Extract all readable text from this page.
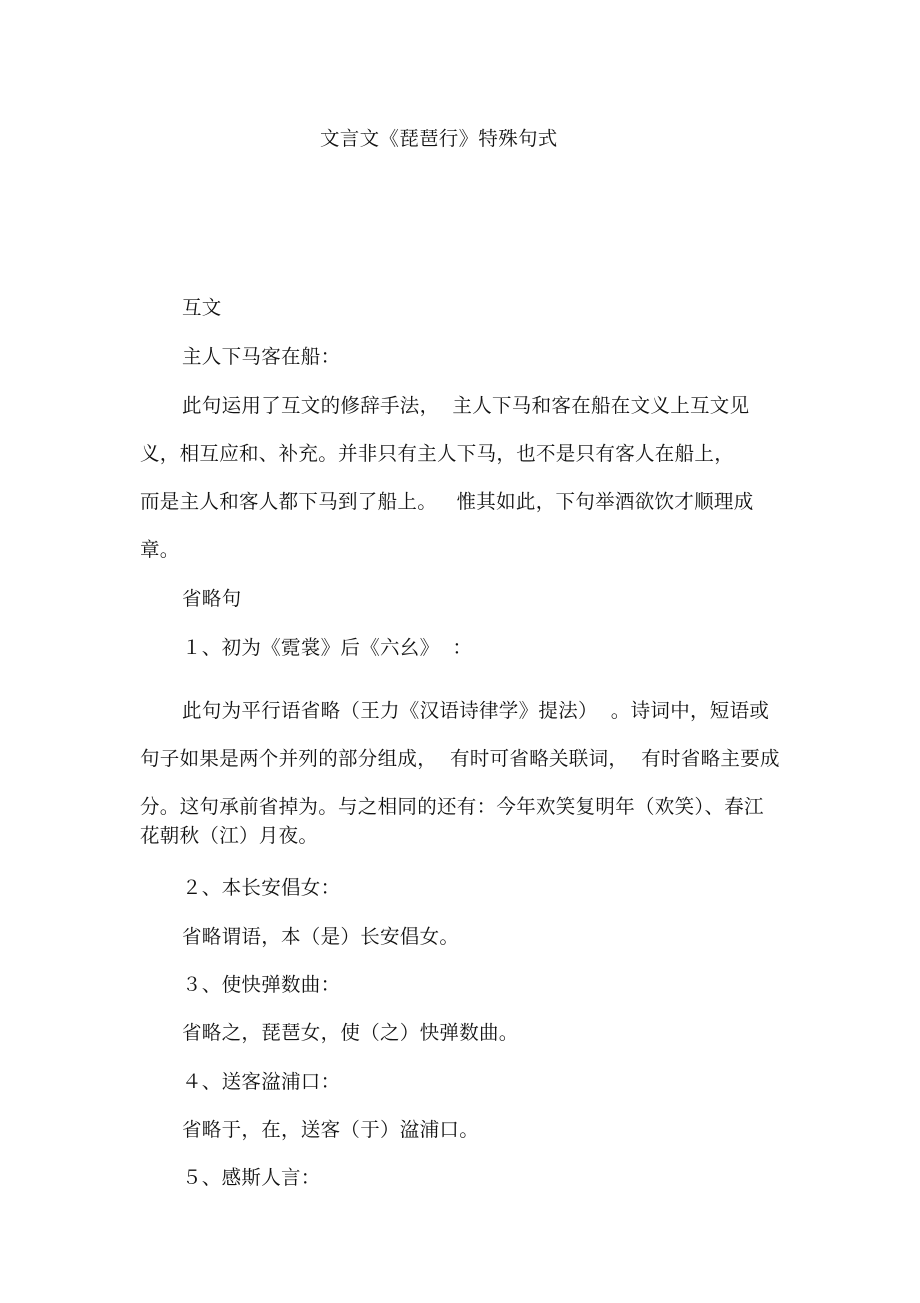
文言文《琵琶行》特殊句式
互文
主人下马客在船：
此句运用了互文的修辞手法，  主人下马和客在船在文义上互文见
义，相互应和、补充。并非只有主人下马，也不是只有客人在船上，
而是主人和客人都下马到了船上。   惟其如此，下句举酒欲饮才顺理成
章。
省略句
１、初为《霓裳》后《六幺》  ：
此句为平行语省略（王力《汉语诗律学》提法）  。诗词中，短语或
句子如果是两个并列的部分组成，  有时可省略关联词，  有时省略主要成
分。这句承前省掉为。与之相同的还有：今年欢笑复明年（欢笑）、春江
花朝秋（江）月夜。
２、本长安倡女：
省略谓语，本（是）长安倡女。
３、使快弹数曲：
省略之，琵琶女，使（之）快弹数曲。
４、送客湓浦口：
省略于，在，送客（于）湓浦口。
５、感斯人言：
